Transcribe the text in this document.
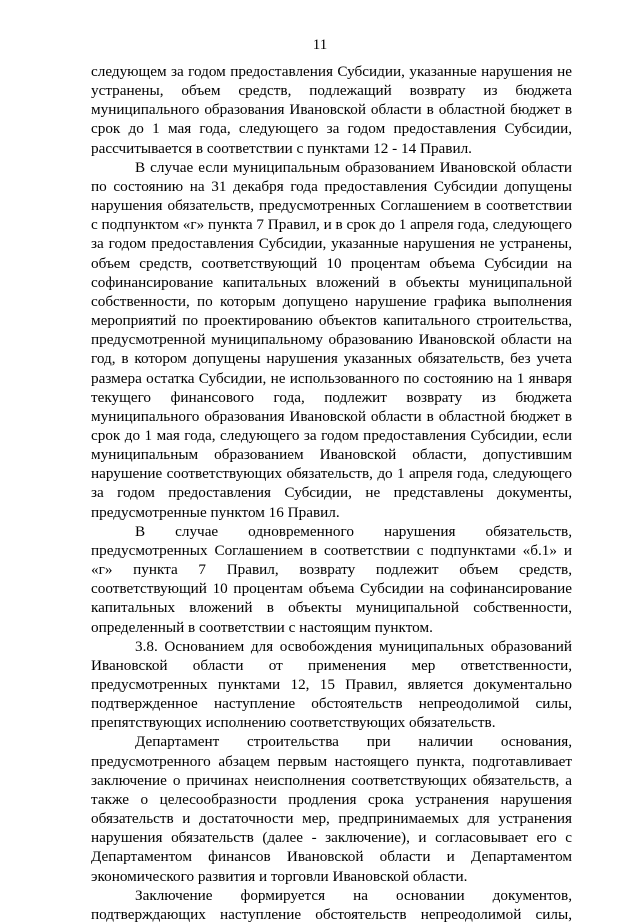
11
следующем за годом предоставления Субсидии, указанные нарушения не
устранены, объем средств, подлежащий возврату из бюджета
муниципального образования Ивановской области в областной бюджет в
срок до 1 мая года, следующего за годом предоставления Субсидии,
рассчитывается в соответствии с пунктами 12 - 14 Правил.
В случае если муниципальным образованием Ивановской области
по состоянию на 31 декабря года предоставления Субсидии допущены
нарушения обязательств, предусмотренных Соглашением в соответствии
с подпунктом «г» пункта 7 Правил, и в срок до 1 апреля года, следующего
за годом предоставления Субсидии, указанные нарушения не устранены,
объем средств, соответствующий 10 процентам объема Субсидии на
софинансирование капитальных вложений в объекты муниципальной
собственности, по которым допущено нарушение графика выполнения
мероприятий по проектированию объектов капитального строительства,
предусмотренной муниципальному образованию Ивановской области на
год, в котором допущены нарушения указанных обязательств, без учета
размера остатка Субсидии, не использованного по состоянию на 1 января
текущего финансового года, подлежит возврату из бюджета
муниципального образования Ивановской области в областной бюджет в
срок до 1 мая года, следующего за годом предоставления Субсидии, если
муниципальным образованием Ивановской области, допустившим
нарушение соответствующих обязательств, до 1 апреля года, следующего
за годом предоставления Субсидии, не представлены документы,
предусмотренные пунктом 16 Правил.
В случае одновременного нарушения обязательств,
предусмотренных Соглашением в соответствии с подпунктами «б.1» и
«г» пункта 7 Правил, возврату подлежит объем средств,
соответствующий 10 процентам объема Субсидии на софинансирование
капитальных вложений в объекты муниципальной собственности,
определенный в соответствии с настоящим пунктом.
3.8. Основанием для освобождения муниципальных образований
Ивановской области от применения мер ответственности,
предусмотренных пунктами 12, 15 Правил, является документально
подтвержденное наступление обстоятельств непреодолимой силы,
препятствующих исполнению соответствующих обязательств.
Департамент строительства при наличии основания,
предусмотренного абзацем первым настоящего пункта, подготавливает
заключение о причинах неисполнения соответствующих обязательств, а
также о целесообразности продления срока устранения нарушения
обязательств и достаточности мер, предпринимаемых для устранения
нарушения обязательств (далее - заключение), и согласовывает его с
Департаментом финансов Ивановской области и Департаментом
экономического развития и торговли Ивановской области.
Заключение формируется на основании документов,
подтверждающих наступление обстоятельств непреодолимой силы,
